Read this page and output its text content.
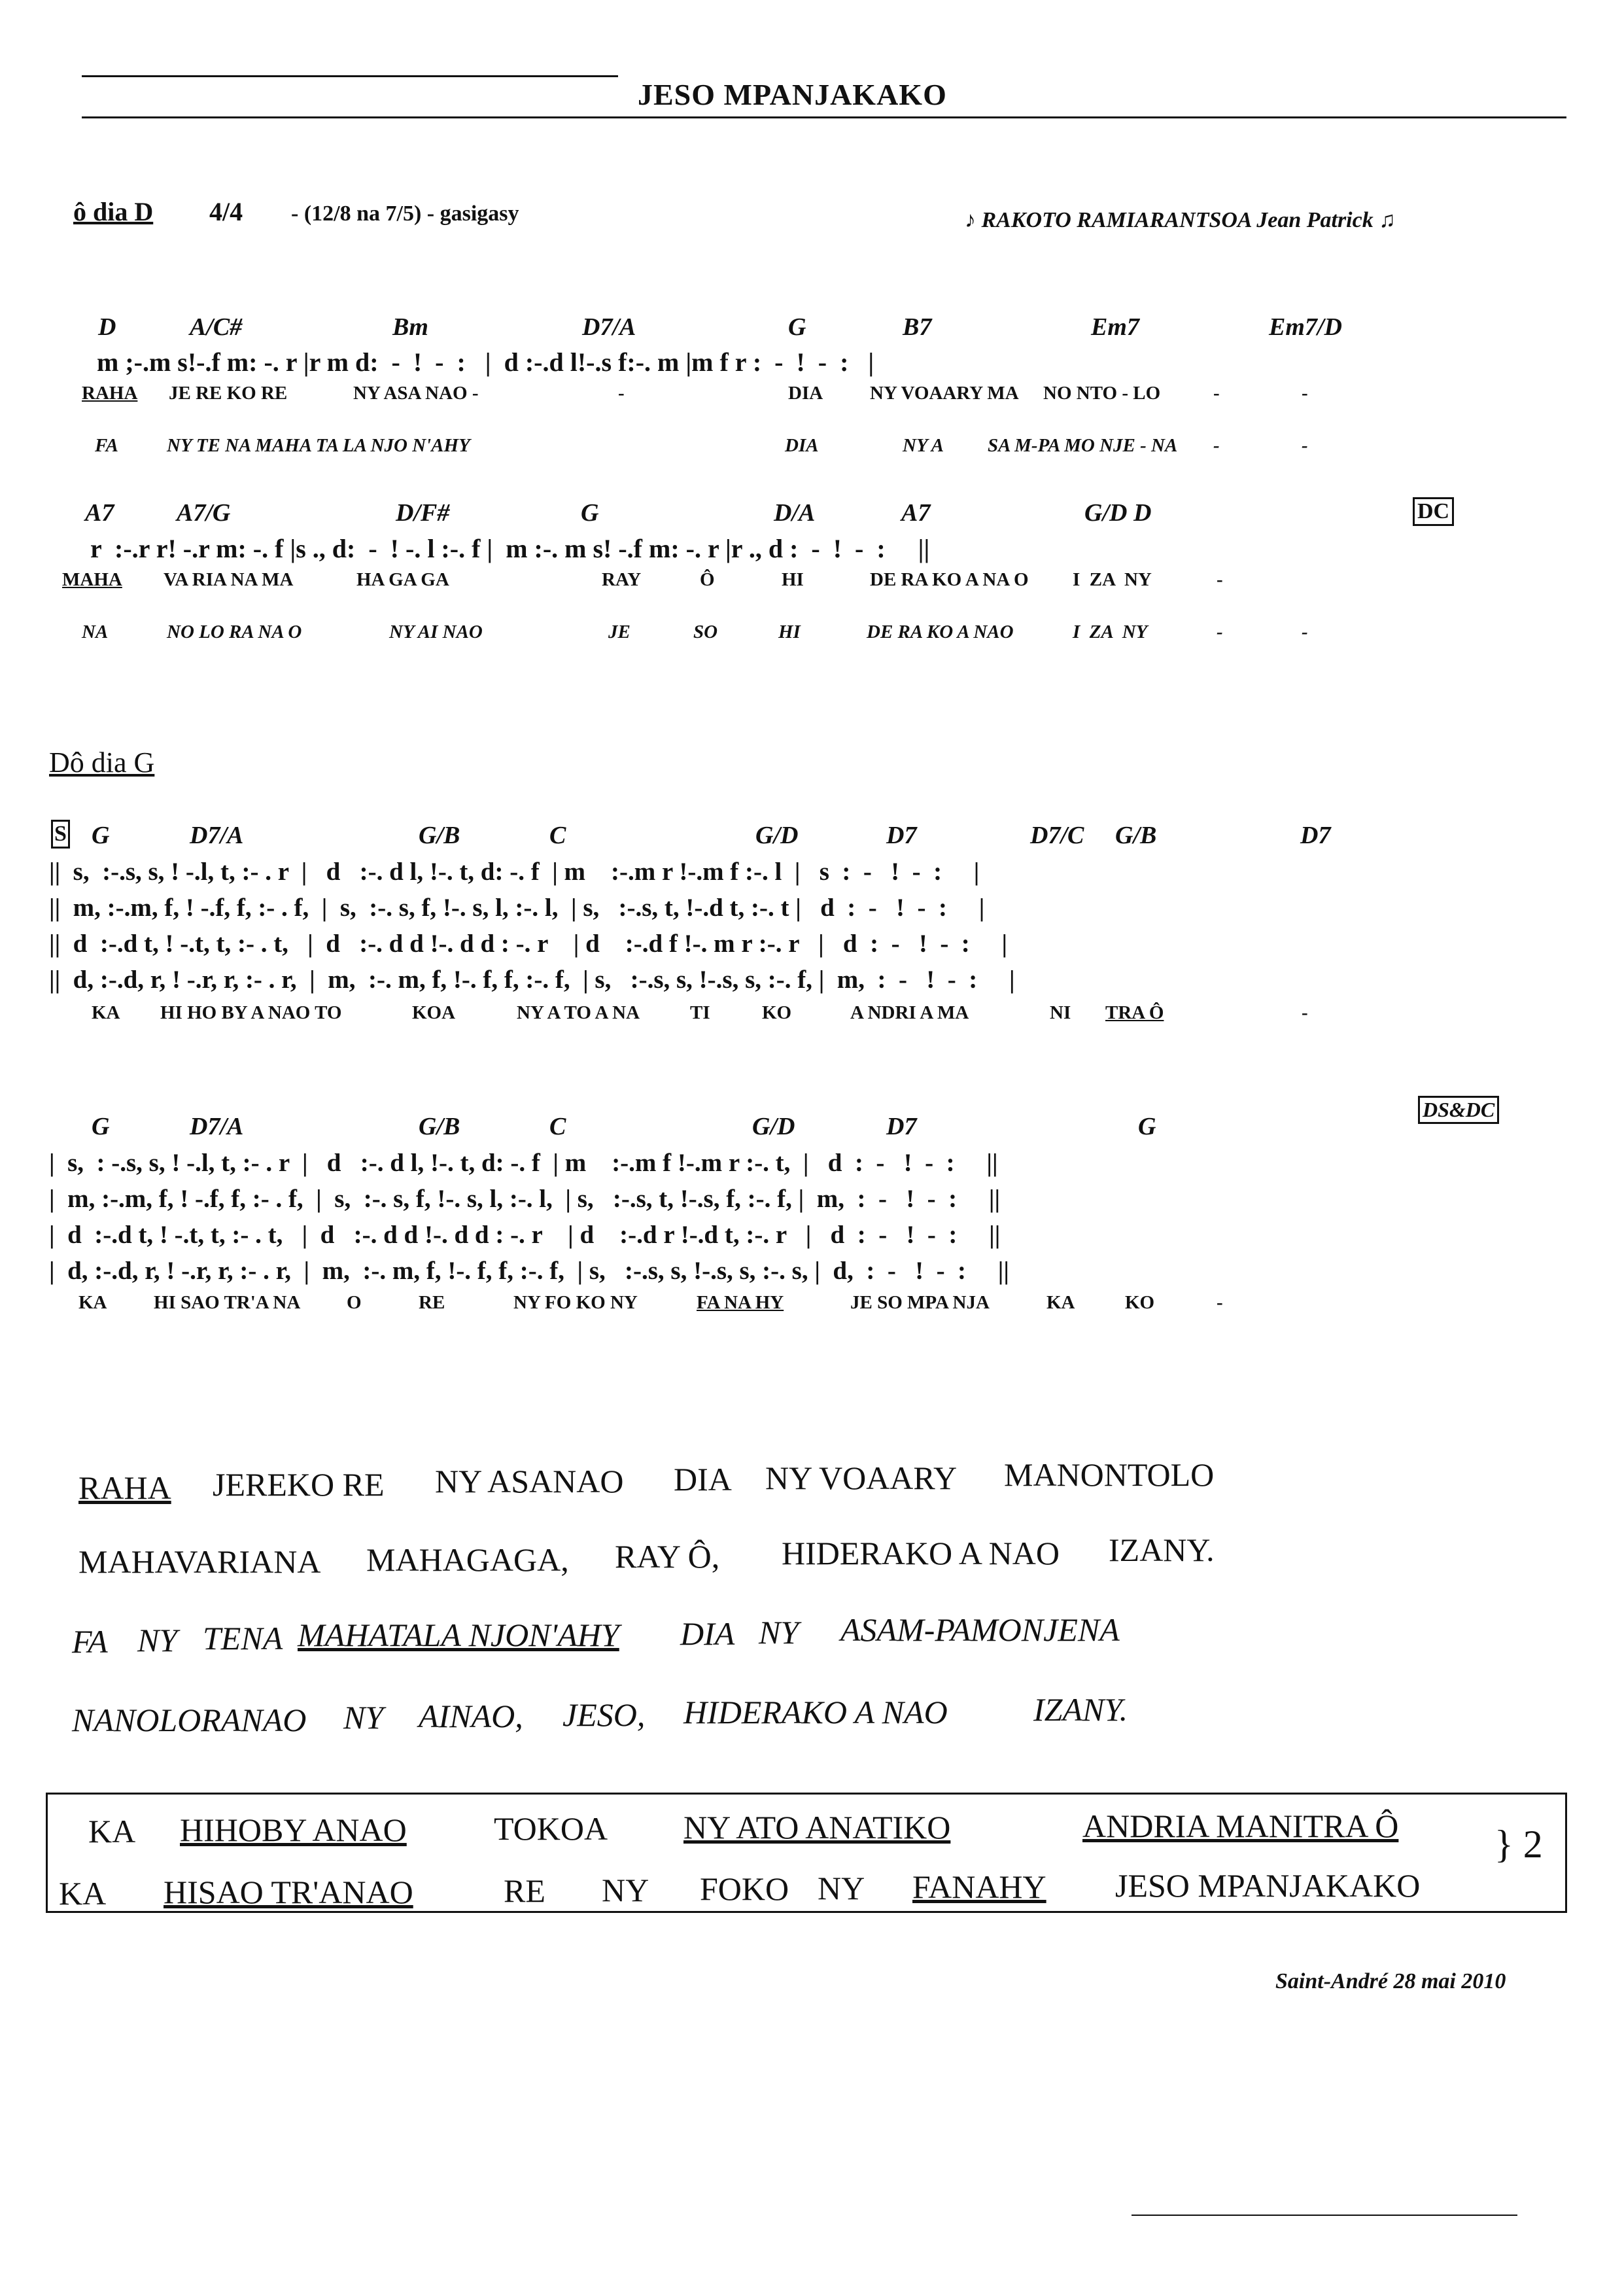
JESO MPANJAKAKO
ô dia D 4/4 - (12/8 na 7/5) - gasigasy	♪ RAKOTO RAMIARANTSOA Jean Patrick ♫
D	A/C#	Bm	D7/A	G	B7	Em7	Em7/D
m ;-.m s!-.f m: -. r |r m d:  -  !  -  :   |  d :-.d l!-.s f:-. m |m f r :  -  !  -  :   |
RAHA JE RE KO RE	NY ASA NAO -	-	DIA NY VOAARY MA NO NTO - LO	-	-
FA	NY TE NA MAHA TA LA NJO N'AHY	DIA	NY A SA M-PA MO NJE - NA -	-
A7	A7/G	D/F#	G	D/A	A7	G/D D	DC
r  :-.r r! -.r m: -. f |s ., d:  -  ! -. l :-. f |  m :-. m s! -.f m: -. r |r ., d :  -  !  -  :     ||
MAHA VA RIA NA MA	HA GA GA	RAY	Ô	HI	DE RA KO A NA O I  ZA  NY	-
NA	NO LO RA NA O	NY AI NAO	JE	SO	HI	DE RA KO A NAO	I  ZA  NY	-	-
Dô dia G
S G	D7/A	G/B	C	G/D	D7	D7/C G/B	D7
||  s,  :-.s, s, ! -.l, t, :- . r  |   d   :-. d l, !-. t, d: -. f  | m    :-.m r !-.m f :-. l  |   s  :  -   !  -  :     |
||  m, :-.m, f, ! -.f, f, :- . f,  |  s,  :-. s, f, !-. s, l, :-. l,  | s,   :-.s, t, !-.d t, :-. t |   d  :  -   !  -  :     |
||  d  :-.d t, ! -.t, t, :- . t,   |  d   :-. d d !-. d d : -. r    | d    :-.d f !-. m r :-. r   |   d  :  -   !  -  :     |
||  d, :-.d, r, ! -.r, r, :- . r,  |  m,  :-. m, f, !-. f, f, :-. f,  | s,   :-.s, s, !-.s, s, :-. f, |  m,  :  -   !  -  :     |
KA HI HO BY A NAO TO	KOA	NY A TO A NA	TI	KO	A NDRI A MA	NI TRA Ô	-
G	D7/A	G/B	C	G/D	D7	G
DS&DC
|  s,  : -.s, s, ! -.l, t, :- . r  |   d   :-. d l, !-. t, d: -. f  | m    :-.m f !-.m r :-. t,  |   d  :  -   !  -  :     ||
|  m, :-.m, f, ! -.f, f, :- . f,  |  s,  :-. s, f, !-. s, l, :-. l,  | s,   :-.s, t, !-.s, f, :-. f, |  m,  :  -   !  -  :     ||
|  d  :-.d t, ! -.t, t, :- . t,   |  d   :-. d d !-. d d : -. r    | d    :-.d r !-.d t, :-. r   |   d  :  -   !  -  :     ||
|  d, :-.d, r, ! -.r, r, :- . r,  |  m,  :-. m, f, !-. f, f, :-. f,  | s,   :-.s, s, !-.s, s, :-. s, |  d,  :  -   !  -  :     ||
KA HI SAO TR'A NA O	RE	NY FO KO NY	FA NA HY	JE SO MPA NJA	KA	KO	-
RAHA JEREKO RE NY ASANAO DIA NY VOAARY MANONTOLO
MAHAVARIANA MAHAGAGA, RAY Ô, HIDERAKO A NAO IZANY.
FA NY TENA MAHATALA NJON'AHY DIA NY ASAM-PAMONJENA
NANOLORANAO NY AINAO, JESO, HIDERAKO A NAO	IZANY.
KA HIHOBY ANAO	TOKOA NY ATO ANATIKO	ANDRIA MANITRA Ô
KA HISAO TR'ANAO	RE NY FOKO NY FANAHY JESO MPANJAKAKO
} 2
Saint-André 28 mai 2010
